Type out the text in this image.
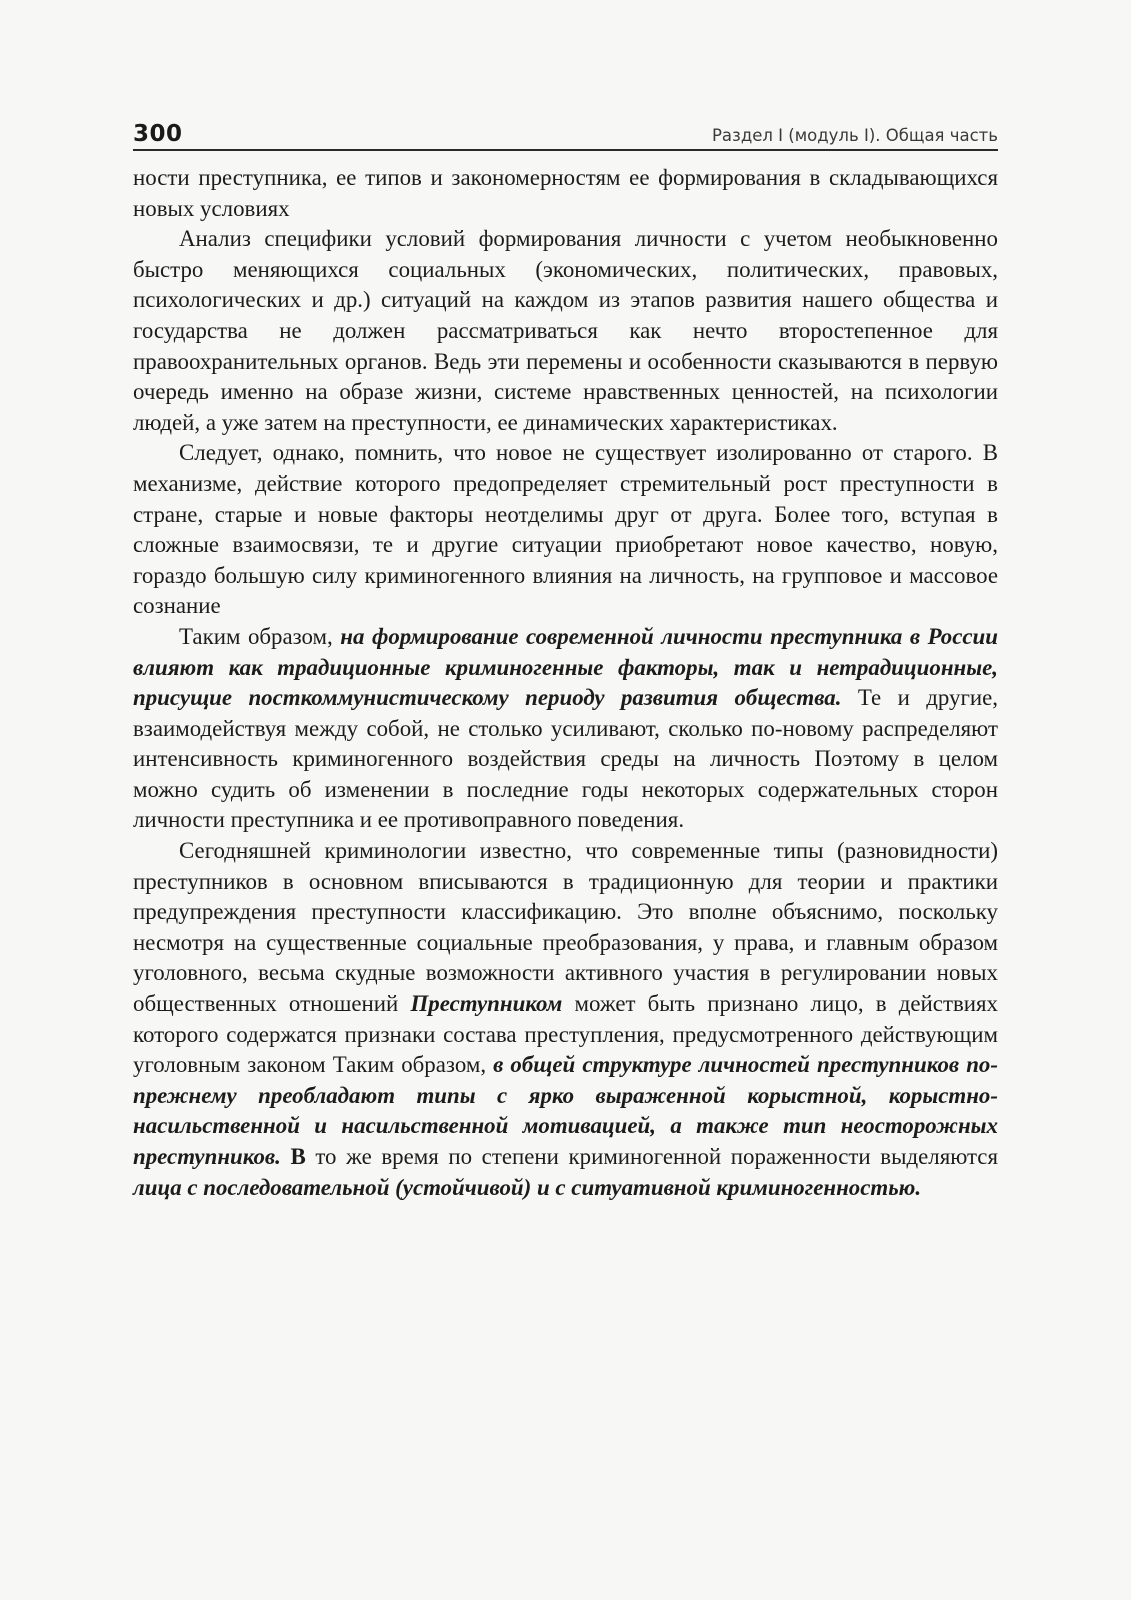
300	Раздел I (модуль I). Общая часть

ности преступника, ее типов и закономерностям ее формирования в складывающихся новых условиях

Анализ специфики условий формирования личности с учетом необыкновенно быстро меняющихся социальных (экономических, политических, правовых, психологических и др.) ситуаций на каждом из этапов развития нашего общества и государства не должен рассматриваться как нечто второстепенное для правоохранительных органов. Ведь эти перемены и особенности сказываются в первую очередь именно на образе жизни, системе нравственных ценностей, на психологии людей, а уже затем на преступности, ее динамических характеристиках.

Следует, однако, помнить, что новое не существует изолированно от старого. В механизме, действие которого предопределяет стремительный рост преступности в стране, старые и новые факторы неотделимы друг от друга. Более того, вступая в сложные взаимосвязи, те и другие ситуации приобретают новое качество, новую, гораздо большую силу криминогенного влияния на личность, на групповое и массовое сознание

Таким образом, на формирование современной личности преступника в России влияют как традиционные криминогенные факторы, так и нетрадиционные, присущие посткоммунистическому периоду развития общества. Те и другие, взаимодействуя между собой, не столько усиливают, сколько по-новому распределяют интенсивность криминогенного воздействия среды на личность Поэтому в целом можно судить об изменении в последние годы некоторых содержательных сторон личности преступника и ее противоправного поведения.

Сегодняшней криминологии известно, что современные типы (разновидности) преступников в основном вписываются в традиционную для теории и практики предупреждения преступности классификацию. Это вполне объяснимо, поскольку несмотря на существенные социальные преобразования, у права, и главным образом уголовного, весьма скудные возможности активного участия в регулировании новых общественных отношений Преступником может быть признано лицо, в действиях которого содержатся признаки состава преступления, предусмотренного действующим уголовным законом Таким образом, в общей структуре личностей преступников по-прежнему преобладают типы с ярко выраженной корыстной, корыстно-насильственной и насильственной мотивацией, а также тип неосторожных преступников. В то же время по степени криминогенной пораженности выделяются лица с последовательной (устойчивой) и с ситуативной криминогенностью.
